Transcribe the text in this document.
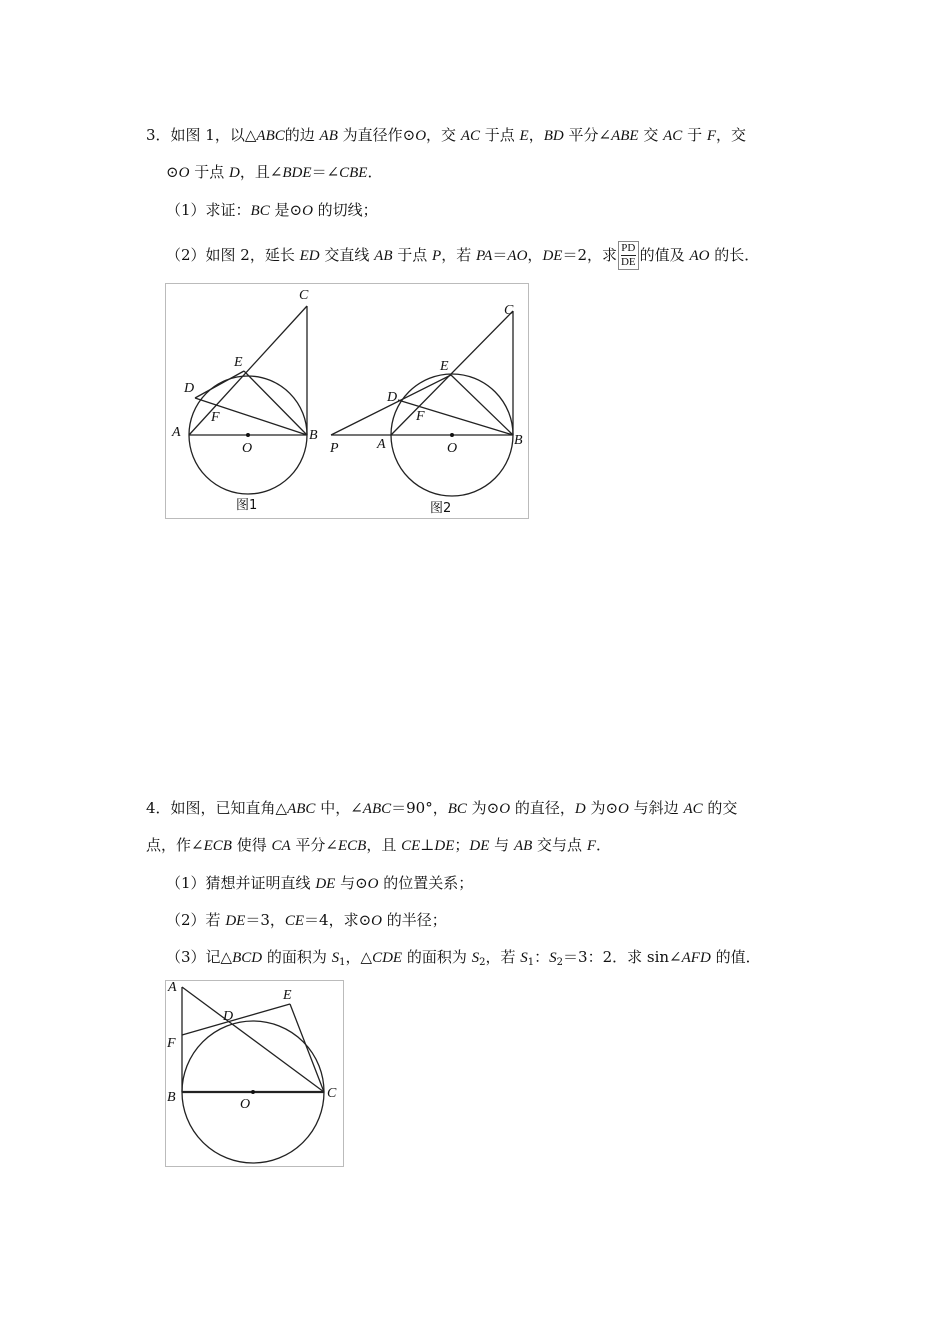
3．如图 1，以△ABC的边 AB 为直径作⊙O，交 AC 于点 E，BD 平分∠ABE 交 AC 于 F，交
⊙O 于点 D，且∠BDE＝∠CBE．
（1）求证：BC 是⊙O 的切线；
（2）如图 2，延长 ED 交直线 AB 于点 P，若 PA＝AO，DE＝2，求 $\frac{PD}{DE}$ 的值及 AO 的长．
A	B
C
D
E
F
O
图1
P	A	B
C
D
E
F
O
图2
4．如图，已知直角△ABC 中，∠ABC＝90°，BC 为⊙O 的直径，D 为⊙O 与斜边 AC 的交
点，作∠ECB 使得 CA 平分∠ECB，且 CE⊥DE；DE 与 AB 交与点 F．
（1）猜想并证明直线 DE 与⊙O 的位置关系；
（2）若 DE＝3，CE＝4，求⊙O 的半径；
（3）记△BCD 的面积为 $S_1$，△CDE 的面积为 $S_2$，若 $S_1$：$S_2=3$：2．求 sin∠AFD 的值．
A
B	C
D
E
F
O
